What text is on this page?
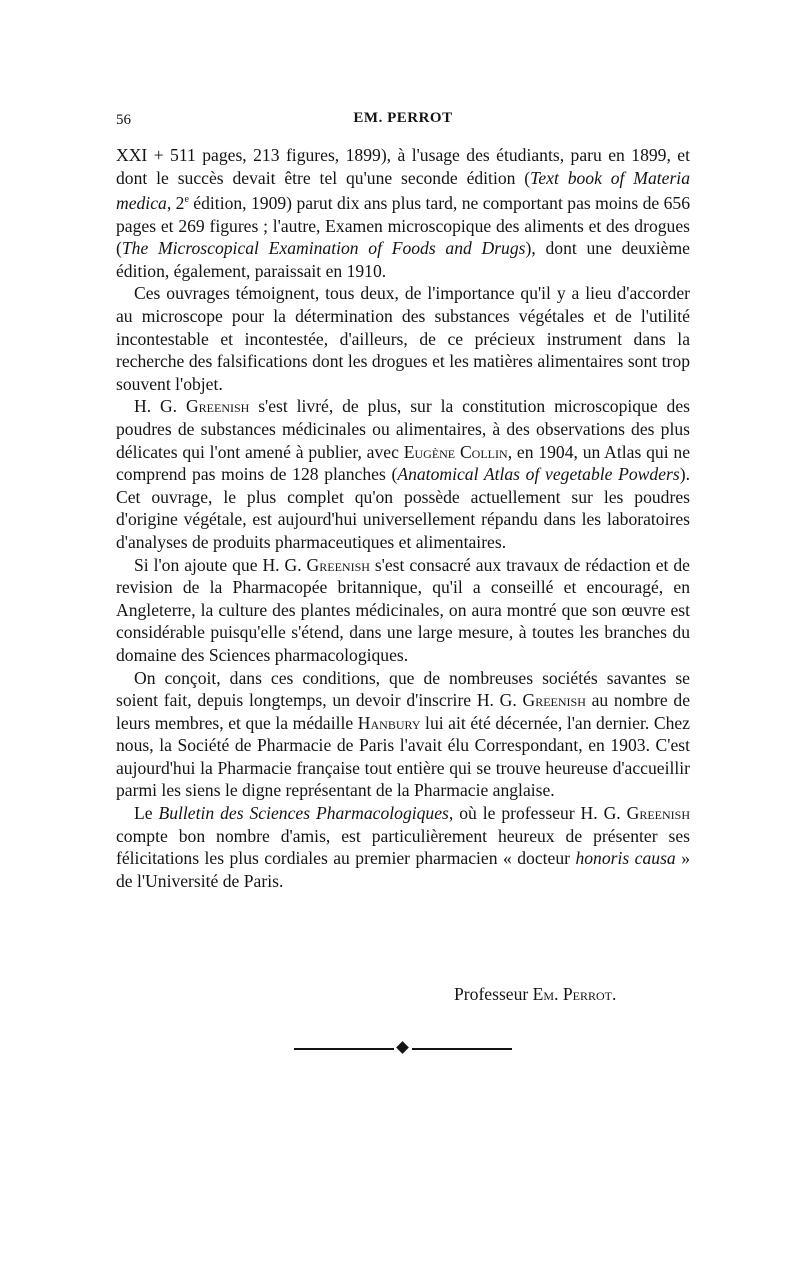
56	EM. PERROT

XXI + 511 pages, 213 figures, 1899), à l'usage des étudiants, paru en 1899, et dont le succès devait être tel qu'une seconde édition (Text book of Materia medica, 2e édition, 1909) parut dix ans plus tard, ne comportant pas moins de 656 pages et 269 figures ; l'autre, Examen microscopique des aliments et des drogues (The Microscopical Examination of Foods and Drugs), dont une deuxième édition, également, paraissait en 1910.

Ces ouvrages témoignent, tous deux, de l'importance qu'il y a lieu d'accorder au microscope pour la détermination des substances végétales et de l'utilité incontestable et incontestée, d'ailleurs, de ce précieux instrument dans la recherche des falsifications dont les drogues et les matières alimentaires sont trop souvent l'objet.

H. G. Greenish s'est livré, de plus, sur la constitution microscopique des poudres de substances médicinales ou alimentaires, à des observations des plus délicates qui l'ont amené à publier, avec Eugène Collin, en 1904, un Atlas qui ne comprend pas moins de 128 planches (Anatomical Atlas of vegetable Powders). Cet ouvrage, le plus complet qu'on possède actuellement sur les poudres d'origine végétale, est aujourd'hui universellement répandu dans les laboratoires d'analyses de produits pharmaceutiques et alimentaires.

Si l'on ajoute que H. G. Greenish s'est consacré aux travaux de rédaction et de revision de la Pharmacopée britannique, qu'il a conseillé et encouragé, en Angleterre, la culture des plantes médicinales, on aura montré que son œuvre est considérable puisqu'elle s'étend, dans une large mesure, à toutes les branches du domaine des Sciences pharmacologiques.

On conçoit, dans ces conditions, que de nombreuses sociétés savantes se soient fait, depuis longtemps, un devoir d'inscrire H. G. Greenish au nombre de leurs membres, et que la médaille Hanbury lui ait été décernée, l'an dernier. Chez nous, la Société de Pharmacie de Paris l'avait élu Correspondant, en 1903. C'est aujourd'hui la Pharmacie française tout entière qui se trouve heureuse d'accueillir parmi les siens le digne représentant de la Pharmacie anglaise.

Le Bulletin des Sciences Pharmacologiques, où le professeur H. G. Greenish compte bon nombre d'amis, est particulièrement heureux de présenter ses félicitations les plus cordiales au premier pharmacien « docteur honoris causa » de l'Université de Paris.

Professeur Em. Perrot.
